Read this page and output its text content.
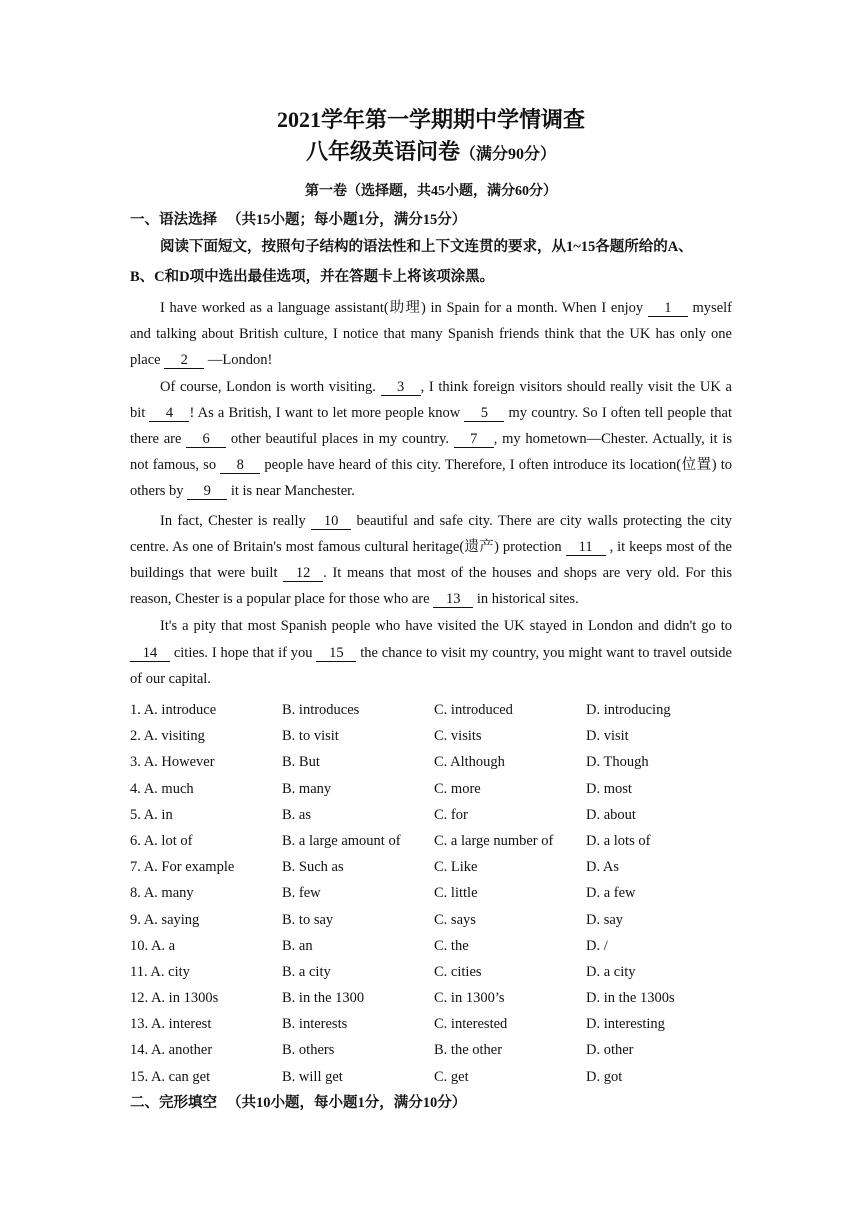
2021学年第一学期期中学情调查
八年级英语问卷（满分90分）
第一卷（选择题，共45小题，满分60分）
一、语法选择 （共15小题；每小题1分，满分15分）
阅读下面短文，按照句子结构的语法性和上下文连贯的要求，从1~15各题所给的A、
B、C和D项中选出最佳选项，并在答题卡上将该项涂黑。

I have worked as a language assistant(助理) in Spain for a month. When I enjoy 1 myself and talking about British culture, I notice that many Spanish friends think that the UK has only one place 2 —London!

Of course, London is worth visiting. 3 , I think foreign visitors should really visit the UK a bit 4 ! As a British, I want to let more people know 5 my country. So I often tell people that there are 6 other beautiful places in my country. 7 , my hometown—Chester. Actually, it is not famous, so 8 people have heard of this city. Therefore, I often introduce its location(位置) to others by 9 it is near Manchester.

In fact, Chester is really 10 beautiful and safe city. There are city walls protecting the city centre. As one of Britain's most famous cultural heritage(遗产) protection 11 , it keeps most of the buildings that were built 12 . It means that most of the houses and shops are very old. For this reason, Chester is a popular place for those who are 13 in historical sites.

It's a pity that most Spanish people who have visited the UK stayed in London and didn't go to 14 cities. I hope that if you 15 the chance to visit my country, you might want to travel outside of our capital.

1. A. introduce	B. introduces	C. introduced	D. introducing
2. A. visiting	B. to visit	C. visits	D. visit
3. A. However	B. But	C. Although	D. Though
4. A. much	B. many	C. more	D. most
5. A. in	B. as	C. for	D. about
6. A. lot of	B. a large amount of	C. a large number of	D. a lots of
7. A. For example	B. Such as	C. Like	D. As
8. A. many	B. few	C. little	D. a few
9. A. saying	B. to say	C. says	D. say
10. A. a	B. an	C. the	D. /
11. A. city	B. a city	C. cities	D. a city
12. A. in 1300s	B. in the 1300	C. in 1300’s	D. in the 1300s
13. A. interest	B. interests	C. interested	D. interesting
14. A. another	B. others	B. the other	D. other
15. A. can get	B. will get	C. get	D. got
二、完形填空 （共10小题，每小题1分，满分10分）
